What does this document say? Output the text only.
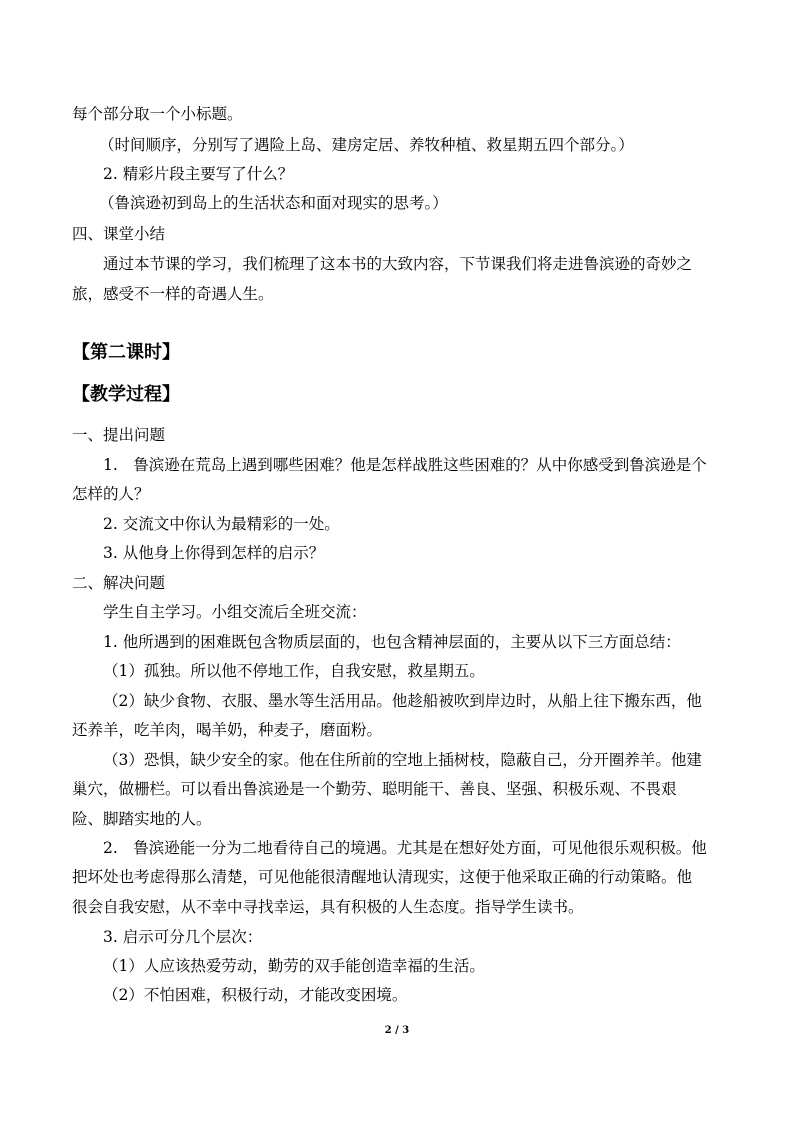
每个部分取一个小标题。
（时间顺序，分别写了遇险上岛、建房定居、养牧种植、救星期五四个部分。）
2. 精彩片段主要写了什么？
（鲁滨逊初到岛上的生活状态和面对现实的思考。）
四、课堂小结
通过本节课的学习，我们梳理了这本书的大致内容，下节课我们将走进鲁滨逊的奇妙之
旅，感受不一样的奇遇人生。
【第二课时】
【教学过程】
一、提出问题
1.　鲁滨逊在荒岛上遇到哪些困难？他是怎样战胜这些困难的？从中你感受到鲁滨逊是个
怎样的人？
2. 交流文中你认为最精彩的一处。
3. 从他身上你得到怎样的启示？
二、解决问题
学生自主学习。小组交流后全班交流：
1. 他所遇到的困难既包含物质层面的，也包含精神层面的，主要从以下三方面总结：
（1）孤独。所以他不停地工作，自我安慰，救星期五。
（2）缺少食物、衣服、墨水等生活用品。他趁船被吹到岸边时，从船上往下搬东西，他
还养羊，吃羊肉，喝羊奶，种麦子，磨面粉。
（3）恐惧，缺少安全的家。他在住所前的空地上插树枝，隐蔽自己，分开圈养羊。他建
巢穴，做栅栏。可以看出鲁滨逊是一个勤劳、聪明能干、善良、坚强、积极乐观、不畏艰
险、脚踏实地的人。
2.　鲁滨逊能一分为二地看待自己的境遇。尤其是在想好处方面，可见他很乐观积极。他
把坏处也考虑得那么清楚，可见他能很清醒地认清现实，这便于他采取正确的行动策略。他
很会自我安慰，从不幸中寻找幸运，具有积极的人生态度。指导学生读书。
3. 启示可分几个层次：
（1）人应该热爱劳动，勤劳的双手能创造幸福的生活。
（2）不怕困难，积极行动，才能改变困境。
2 / 3
